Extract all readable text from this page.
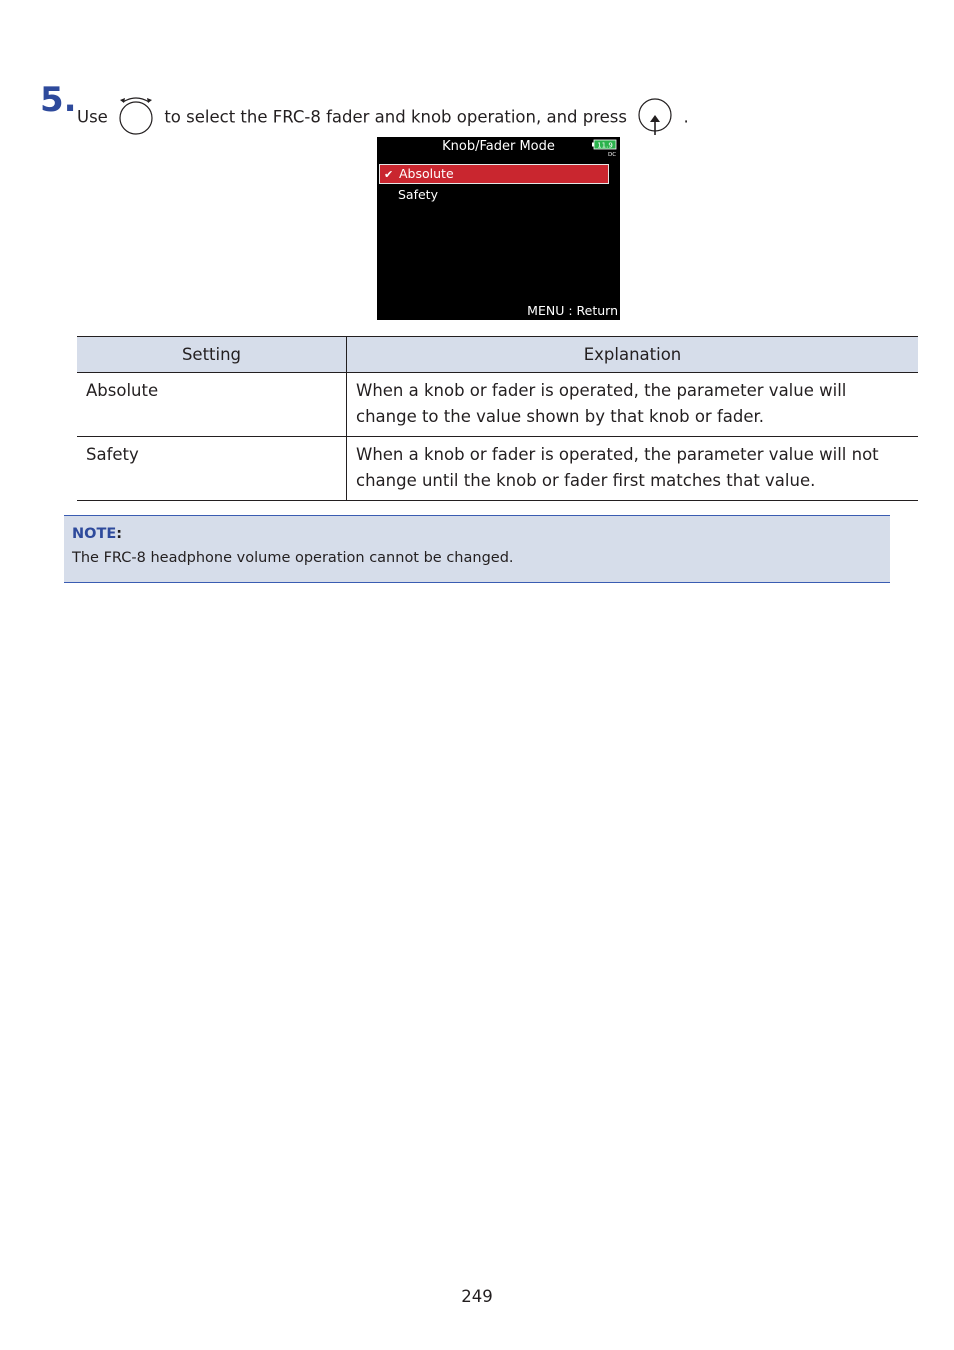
5. Use	to select the FRC-8 fader and knob operation, and press	.
Knob/Fader Mode	11.9
DC
✔ Absolute
Safety
MENU : Return
Setting	Explanation
Absolute	When a knob or fader is operated, the parameter value will change to the value shown by that knob or fader.
Safety	When a knob or fader is operated, the parameter value will not change until the knob or fader first matches that value.
NOTE:
The FRC-8 headphone volume operation cannot be changed.
249
